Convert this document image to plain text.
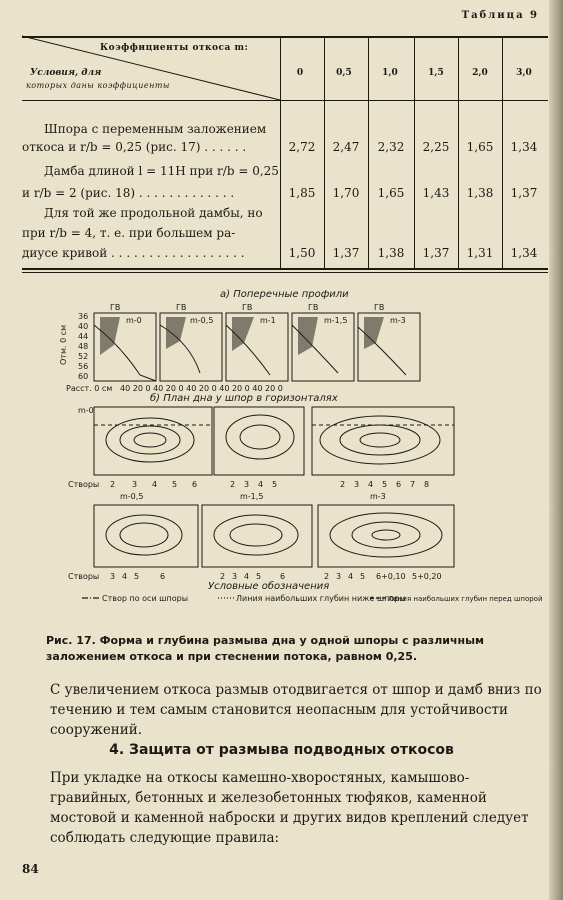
Таблица 9
Коэффициенты откоса m:
Условия, для
которых даны коэффициенты
0	0,5	1,0	1,5	2,0	3,0
Шпора с переменным заложением
откоса и r/b = 0,25 (рис. 17) . . . . . .	2,72	2,47	2,32	2,25	1,65	1,34
Дамба длиной l = 11H при r/b = 0,25
и r/b = 2 (рис. 18) . . . . . . . . . . . . .	1,85	1,70	1,65	1,43	1,38	1,37
Для той же продольной дамбы, но
при r/b = 4, т. е. при большем ра-
диусе кривой . . . . . . . . . . . . . . . . . .	1,50	1,37	1,38	1,37	1,31	1,34
а) Поперечные профили
36
40
44
48
52
56
60
Отм. 0 см
ГВ	ГВ	ГВ	ГВ	ГВ
m-0	m-0,5	m-1	m-1,5	m-3
Расст. 0 см 40 20 0 40 20 0 40 20 0 40 20 0 40 20 0
б) План дна у шпор в горизонталях
m-0
Створы 2 3 4 5 6	2 3 4 5	2 3 4 5 6 7 8
m-0,5	m-1,5	m-3
Створы 3 4 5	6	2 3 4 5 6	2 3 4 5 6+0,10 5+0,20
Условные обозначения
Створ по оси шпоры	Линия наибольших глубин ниже шпоры
Линия наибольших глубин перед шпорой
Рис. 17. Форма и глубина размыва дна у одной шпоры с различным заложением откоса и при стеснении потока, равном 0,25.
С увеличением откоса размыв отодвигается от шпор и дамб вниз по течению и тем самым становится неопасным для устойчивости сооружений.
4. Защита от размыва подводных откосов
При укладке на откосы камешно-хворостяных, камышово-гравийных, бетонных и железобетонных тюфяков, каменной мостовой и каменной наброски и других видов креплений следует соблюдать следующие правила:
84
